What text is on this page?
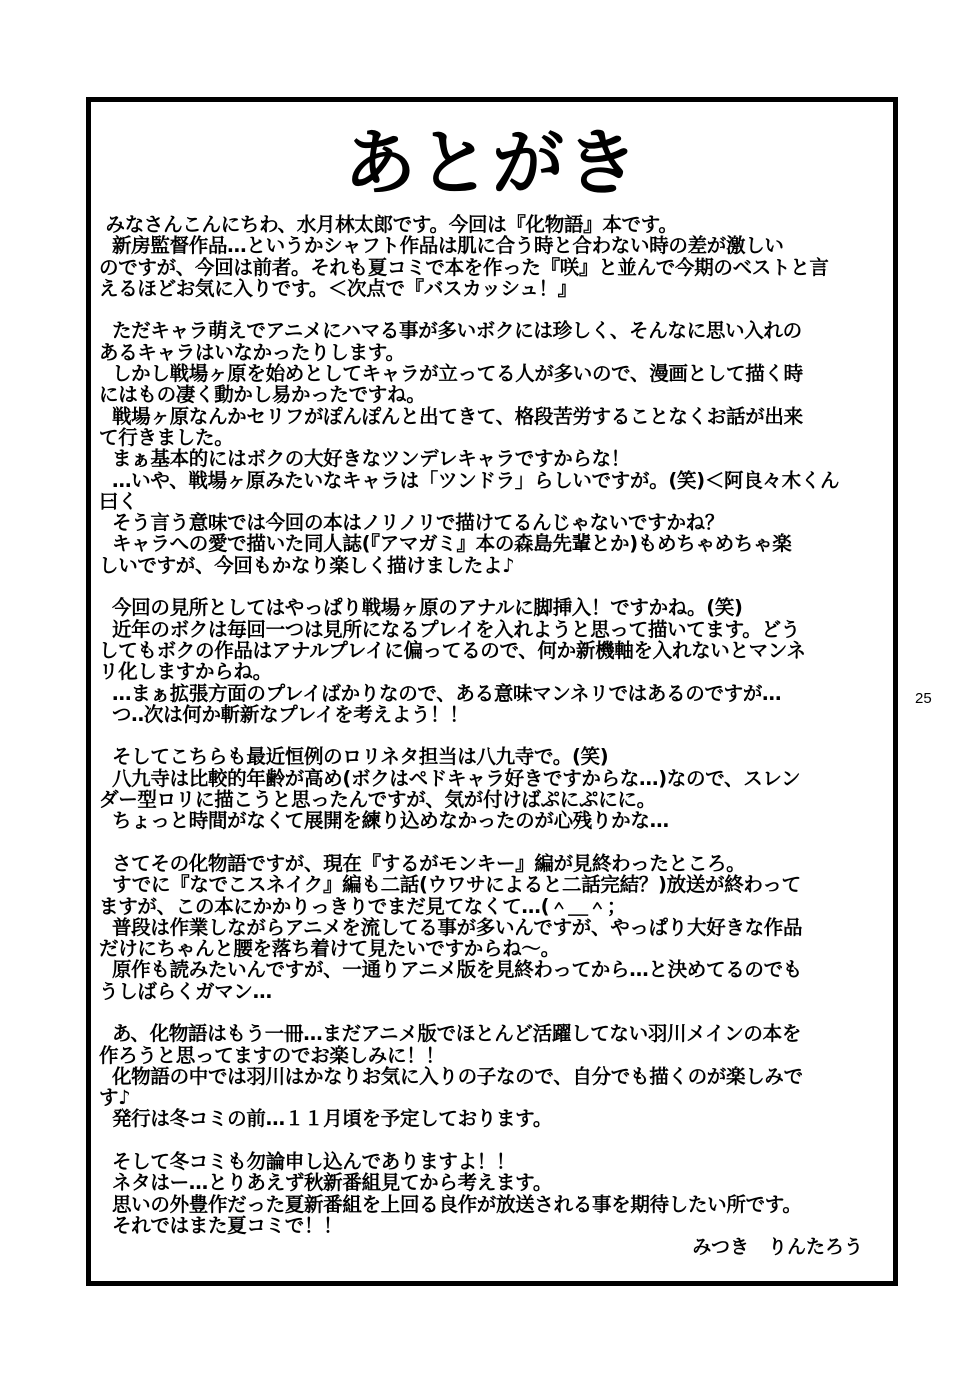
あとがき
みなさんこんにちわ、水月林太郎です。今回は『化物語』本です。
新房監督作品…というかシャフト作品は肌に合う時と合わない時の差が激しい
のですが、今回は前者。それも夏コミで本を作った『咲』と並んで今期のベストと言
えるほどお気に入りです。＜次点で『バスカッシュ！』
ただキャラ萌えでアニメにハマる事が多いボクには珍しく、そんなに思い入れの
あるキャラはいなかったりします。
しかし戦場ヶ原を始めとしてキャラが立ってる人が多いので、漫画として描く時
にはもの凄く動かし易かったですね。
戦場ヶ原なんかセリフがぽんぽんと出てきて、格段苦労することなくお話が出来
て行きました。
まぁ基本的にはボクの大好きなツンデレキャラですからな！
…いや、戦場ヶ原みたいなキャラは「ツンドラ」らしいですが。(笑)＜阿良々木くん
曰く
そう言う意味では今回の本はノリノリで描けてるんじゃないですかね？
キャラへの愛で描いた同人誌(『アマガミ』本の森島先輩とか)もめちゃめちゃ楽
しいですが、今回もかなり楽しく描けましたよ♪
今回の見所としてはやっぱり戦場ヶ原のアナルに脚挿入！ですかね。(笑)
近年のボクは毎回一つは見所になるプレイを入れようと思って描いてます。どう
してもボクの作品はアナルプレイに偏ってるので、何か新機軸を入れないとマンネ
リ化しますからね。
…まぁ拡張方面のプレイばかりなので、ある意味マンネリではあるのですが…
つ‥次は何か斬新なプレイを考えよう！！
そしてこちらも最近恒例のロリネタ担当は八九寺で。(笑)
八九寺は比較的年齢が高め(ボクはペドキャラ好きですからな…)なので、スレン
ダー型ロリに描こうと思ったんですが、気が付けばぷにぷにに。
ちょっと時間がなくて展開を練り込めなかったのが心残りかな…
さてその化物語ですが、現在『するがモンキー』編が見終わったところ。
すでに『なでこスネイク』編も二話(ウワサによると二話完結？)放送が終わって
ますが、この本にかかりっきりでまだ見てなくて…(＾＿＾；
普段は作業しながらアニメを流してる事が多いんですが、やっぱり大好きな作品
だけにちゃんと腰を落ち着けて見たいですからね～。
原作も読みたいんですが、一通りアニメ版を見終わってから…と決めてるのでも
うしばらくガマン…
あ、化物語はもう一冊…まだアニメ版でほとんど活躍してない羽川メインの本を
作ろうと思ってますのでお楽しみに！！
化物語の中では羽川はかなりお気に入りの子なので、自分でも描くのが楽しみで
す♪
発行は冬コミの前…１１月頃を予定しております。
そして冬コミも勿論申し込んでありますよ！！
ネタはー…とりあえず秋新番組見てから考えます。
思いの外豊作だった夏新番組を上回る良作が放送される事を期待したい所です。
それではまた夏コミで！！
みつき　りんたろう
25
